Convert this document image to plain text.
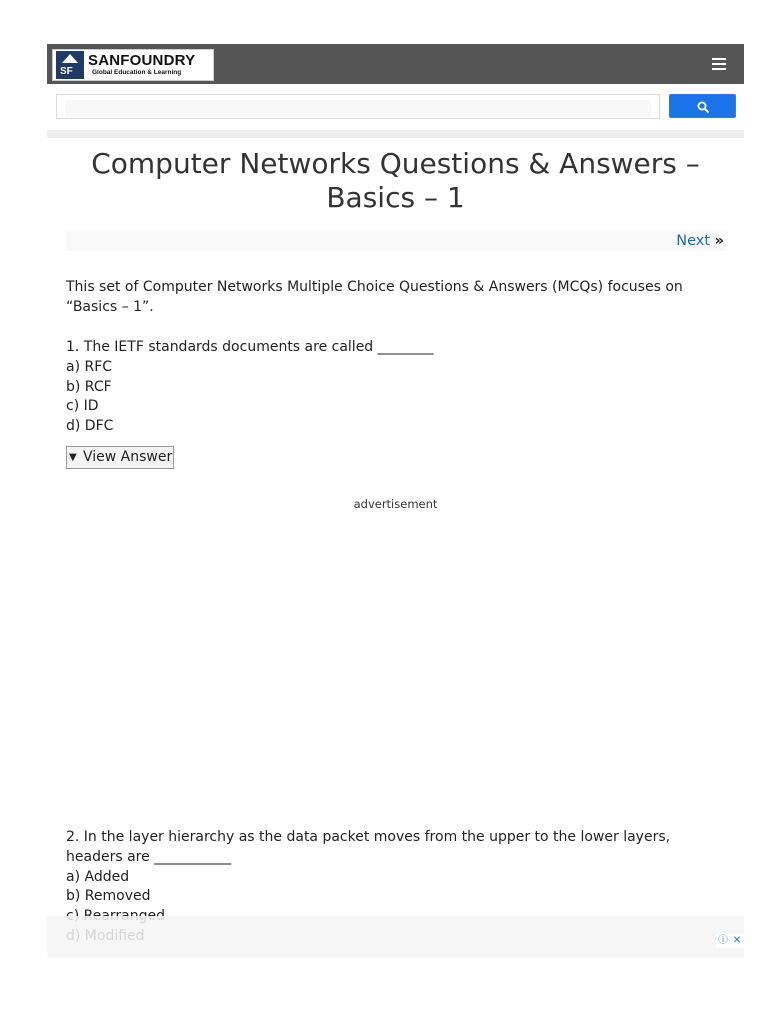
SF
SANFOUNDRY
Global Education & Learning
Computer Networks Questions & Answers – Basics – 1
Next »

This set of Computer Networks Multiple Choice Questions & Answers (MCQs) focuses on “Basics – 1”.

1. The IETF standards documents are called ________
a) RFC
b) RCF
c) ID
d) DFC
▼ View Answer
advertisement
2. In the layer hierarchy as the data packet moves from the upper to the lower layers, headers are ___________
a) Added
b) Removed
ⓘ ✕
